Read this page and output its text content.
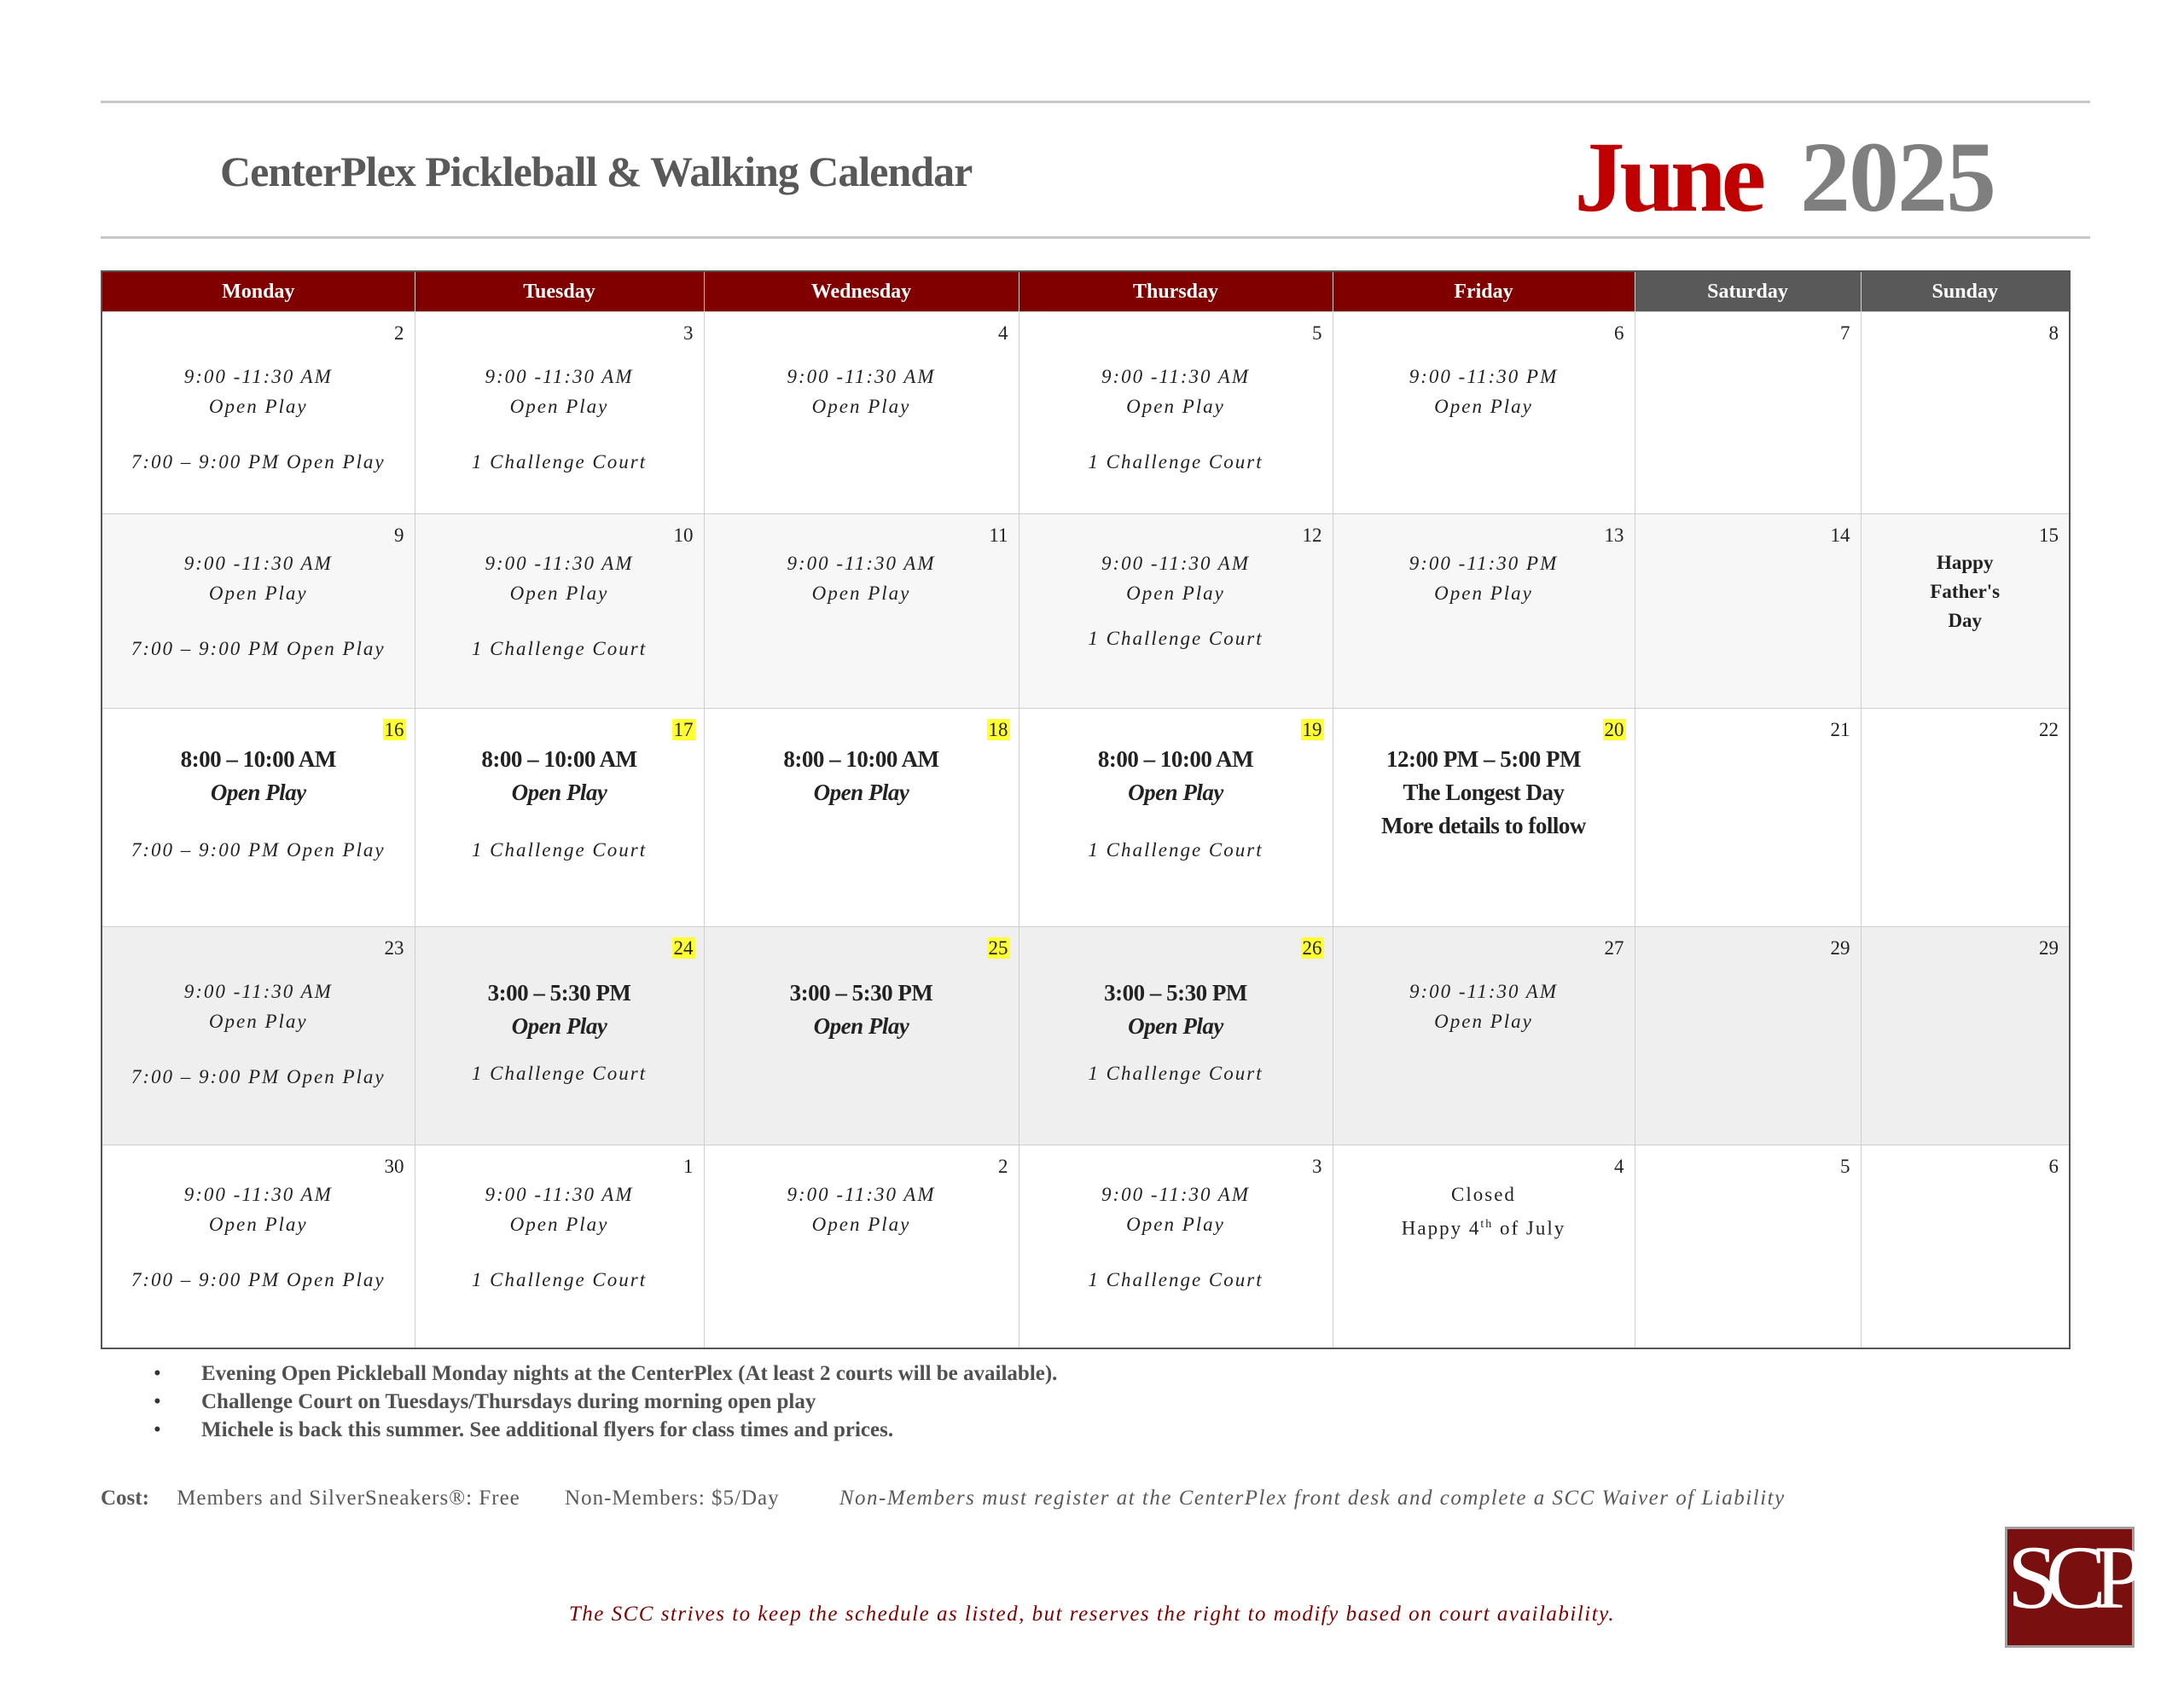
CenterPlex Pickleball & Walking Calendar	June 2025
Monday	Tuesday	Wednesday	Thursday	Friday	Saturday	Sunday

2
9:00 -11:30 AM
Open Play
7:00 – 9:00 PM Open Play	3
9:00 -11:30 AM
Open Play
1 Challenge Court	4
9:00 -11:30 AM
Open Play	5
9:00 -11:30 AM
Open Play
1 Challenge Court	6
9:00 -11:30 PM
Open Play	7	8

9
9:00 -11:30 AM
Open Play
7:00 – 9:00 PM Open Play	10
9:00 -11:30 AM
Open Play
1 Challenge Court	11
9:00 -11:30 AM
Open Play	12
9:00 -11:30 AM
Open Play
1 Challenge Court	13
9:00 -11:30 PM
Open Play	14	15
Happy
Father's
Day

16
8:00 – 10:00 AM
Open Play
7:00 – 9:00 PM Open Play	17
8:00 – 10:00 AM
Open Play
1 Challenge Court	18
8:00 – 10:00 AM
Open Play	19
8:00 – 10:00 AM
Open Play
1 Challenge Court	20
12:00 PM – 5:00 PM
The Longest Day
More details to follow	21	22

23
9:00 -11:30 AM
Open Play
7:00 – 9:00 PM Open Play	24
3:00 – 5:30 PM
Open Play
1 Challenge Court	25
3:00 – 5:30 PM
Open Play	26
3:00 – 5:30 PM
Open Play
1 Challenge Court	27
9:00 -11:30 AM
Open Play	29	29

30
9:00 -11:30 AM
Open Play
7:00 – 9:00 PM Open Play	1
9:00 -11:30 AM
Open Play
1 Challenge Court	2
9:00 -11:30 AM
Open Play	3
9:00 -11:30 AM
Open Play
1 Challenge Court	4
Closed
Happy 4th of July	5	6
• Evening Open Pickleball Monday nights at the CenterPlex (At least 2 courts will be available).
• Challenge Court on Tuesdays/Thursdays during morning open play
• Michele is back this summer. See additional flyers for class times and prices.
Cost: Members and SilverSneakers®: Free Non-Members: $5/Day	Non-Members must register at the CenterPlex front desk and complete a SCC Waiver of Liability
SCP
The SCC strives to keep the schedule as listed, but reserves the right to modify based on court availability.
